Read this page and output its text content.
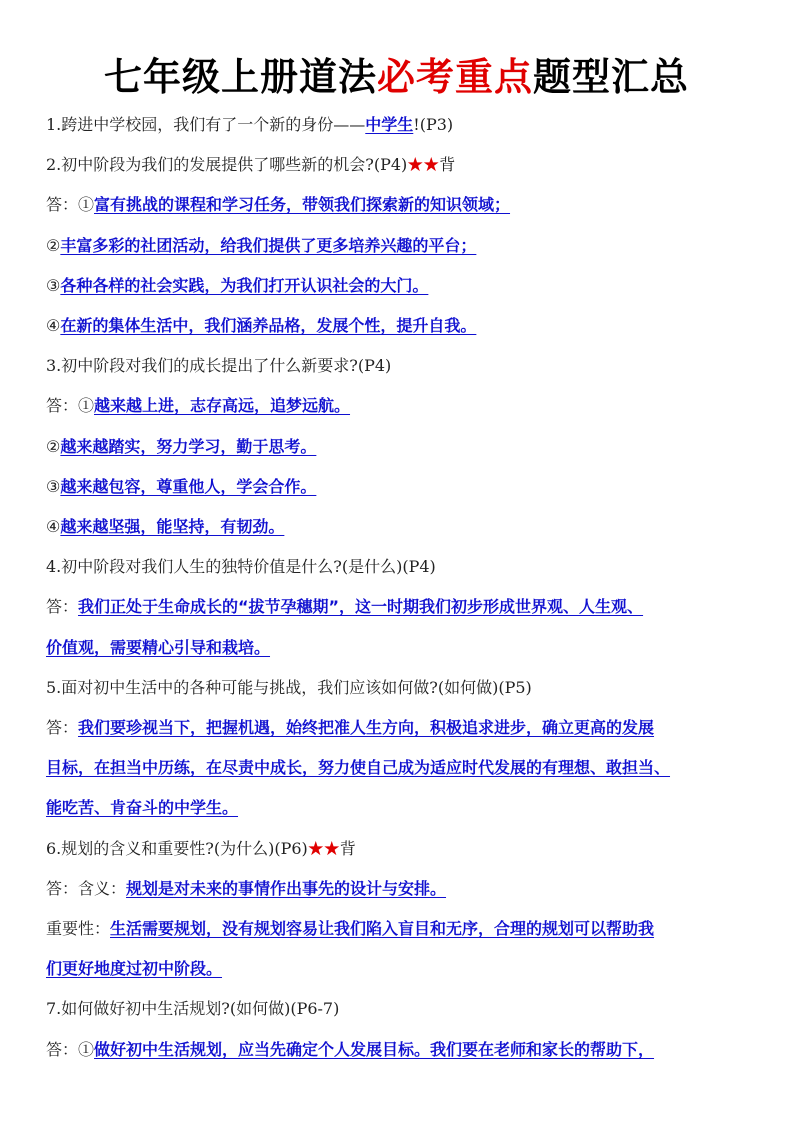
七年级上册道法必考重点题型汇总
1.跨进中学校园，我们有了一个新的身份——中学生!(P3)
2.初中阶段为我们的发展提供了哪些新的机会?(P4)★★背
答：①富有挑战的课程和学习任务，带领我们探索新的知识领域；
②丰富多彩的社团活动，给我们提供了更多培养兴趣的平台；
③各种各样的社会实践，为我们打开认识社会的大门。
④在新的集体生活中，我们涵养品格，发展个性，提升自我。
3.初中阶段对我们的成长提出了什么新要求?(P4)
答：①越来越上进，志存高远，追梦远航。
②越来越踏实，努力学习，勤于思考。
③越来越包容，尊重他人，学会合作。
④越来越坚强，能坚持，有韧劲。
4.初中阶段对我们人生的独特价值是什么?(是什么)(P4)
答：我们正处于生命成长的“拔节孕穗期”，这一时期我们初步形成世界观、人生观、
价值观，需要精心引导和栽培。
5.面对初中生活中的各种可能与挑战，我们应该如何做?(如何做)(P5)
答：我们要珍视当下，把握机遇，始终把准人生方向，积极追求进步，确立更高的发展
目标，在担当中历练，在尽责中成长，努力使自己成为适应时代发展的有理想、敢担当、
能吃苦、肯奋斗的中学生。
6.规划的含义和重要性?(为什么)(P6)★★背
答：含义：规划是对未来的事情作出事先的设计与安排。
重要性：生活需要规划，没有规划容易让我们陷入盲目和无序，合理的规划可以帮助我
们更好地度过初中阶段。
7.如何做好初中生活规划?(如何做)(P6-7)
答：①做好初中生活规划，应当先确定个人发展目标。我们要在老师和家长的帮助下，
